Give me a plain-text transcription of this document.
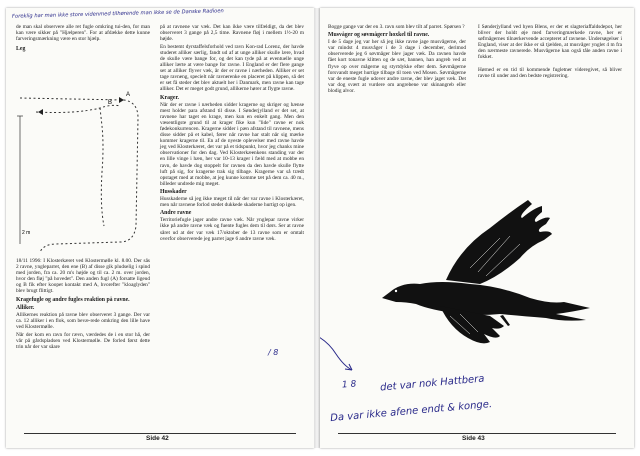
Foreklig har man ikke store videnmed tilhørende man ikke se de Danske Radioen

de man skal observere alle ret fugle omkring tui-den, for man kan være sikker på "Hjælperen". For at afdække dette kunne farveringsmærkning være en stor hjælp.

Leg
A
B
2 m

18/11 1996: I Klosterkæret ved Klostermølle kl. 8.00. Der sås 2 ravne, yngleparret, den ene (B) af disse gik pludselig i spind med jorden, fra ca. 20 m's højde og til ca. 2 m. over jorden, hvor den fløj "på hovedet". Den anden fugl (A) forsatte ligeud og B fik efter koopet kontakt med A, hvorefter "kloaglyden" blev brugt flittigt.

Kragefugle og andre fugles reaktion på ravne.
Alliker.

Allikernes reaktion på ravne blev observeret 3 gange. Der var ca. 12 alliker i en flok, som bevæ-rede omkring den lille have ved Klostermølle.

Når der kom en ravn for rævn, værdedes de i en stor hå, der vår på gårdspladsen ved Klostermølle. De forled først dette trin når der var såare

på at ravnene var væk. Det kan ikke være tilfældigt, da det blev observeret 3 gange på 2,5 time. Ravnene fløj i mellem 1½-20 m højde.

En bestemt dyrstaffelsforhold ved ravn Kon-rad Lorenz, der havde studeret alliker særlig, fandt ud af at unge alliker skulle lære, hvad de skulle være bange for, og det kan tyde på at eventuelle unge alliker lærte at være bange for ravne. I England er der flere gange set at alliker flyver væk, år der er ravne i nærheden. Alliker er set tage ravneng, specielt når ravnerenke en placeret på klippen, så det er set få steder det blev aktuelt her i Danmark, men ravne kan tage alliker. Det er meget godt grund, allikerne hører at flygte ravne.

Krager.

Når der er ravne i nærheden sidder kragerne og skriger og hænse mest holder para afstand til disse. I Sønderjylland er det set, at ravnene har taget en krage, men kun en enkelt gang. Men den væsentligste grund til at krager fike kun "lide" ravne er nok fødekonkurrencen. Kragerne sidder i pæn afstand til ravnene, mens disse sidder på et kabel, fører når ravne har stalt når sig mærke kommer kragerne til. En af de nyeste oplevelser med ravne havde jeg ved Klosterkæret, det var på et tidspunkt, hvor jeg chanks mine observationer for den dag. Ved Klosterkæenkens standing var der en lille vinge i hæn, her var 10-13 krager i fæld med at mobbe en ravn, de havde dog stoppelt for ravnen da den havde skulle flytte luft på sig, for kragerne trak sig tilbage. Kragerne var så trædt opstaget med at mobbe, at jeg kunne komme tæt på dem ca. 40 m., billeder undrede mig meget.

Husskader

Husskaderne så jeg ikke meget til når der var ravne i Klosterkæret, men når ravnene forlod stedet dukkede skaderne hurtigt op igen.

Andre ravne

Territoriefugle jager andre ravne væk. Når ynglepar ravne virker ikke på andre ravne væk og fuente fugles dem til dørs. Ser at ravne såret ud at der var væk 17/oktober de 13 ravne som er omtalt overfor observerede jeg parret jage 6 andre ravne væk.

/ 8
Side 42

Bogge gange var der en 3. ravn som blev tilt af parret. Spørsen ?

Musvåger og søvmågerr hoxkel til ravne.

I de 5 dage jeg var her så jeg ikke ravne jage musvågerne, der var mindst 4 musvåger i de 3 dage i december, derimod observerede jeg 6 søvmåger blev jager væk. Da ravnen havde fået kort tonavne klitten og de sæt, bannen, han angreb ved at flyve op over mågerne og styrtdykke efter dem. Søvmågerne forsvandt meget hurtige tilbage til toen ved Mosen. Søvmågerne var de eneste fugle udover andre ravne, der blev jaget væk. Det var dog svært at vurdere om angrebene var skinangreb eller blodig alvor.

I Sønderjylland ved hyen Blens, er der et slagteriaffaldsdepot, her bliver der holdt øje med farveringmærkede ravne, her er søfrnågernes tilnærkervende accepteret af ravnene. Undersøgelser i England, viser at der ikke er så tjælden, at musvåger ynglet 4 m fra den nærmeste ravnerede. Musvågerne kan også tåle anden ravne i fokket.

Hørned er en tid til kommende fugletner videregivet, så bliver ravne til under and den bedste registrering.

1 8 det var nok Hattbera
Da var ikke afene endt & konge.
Side 43
